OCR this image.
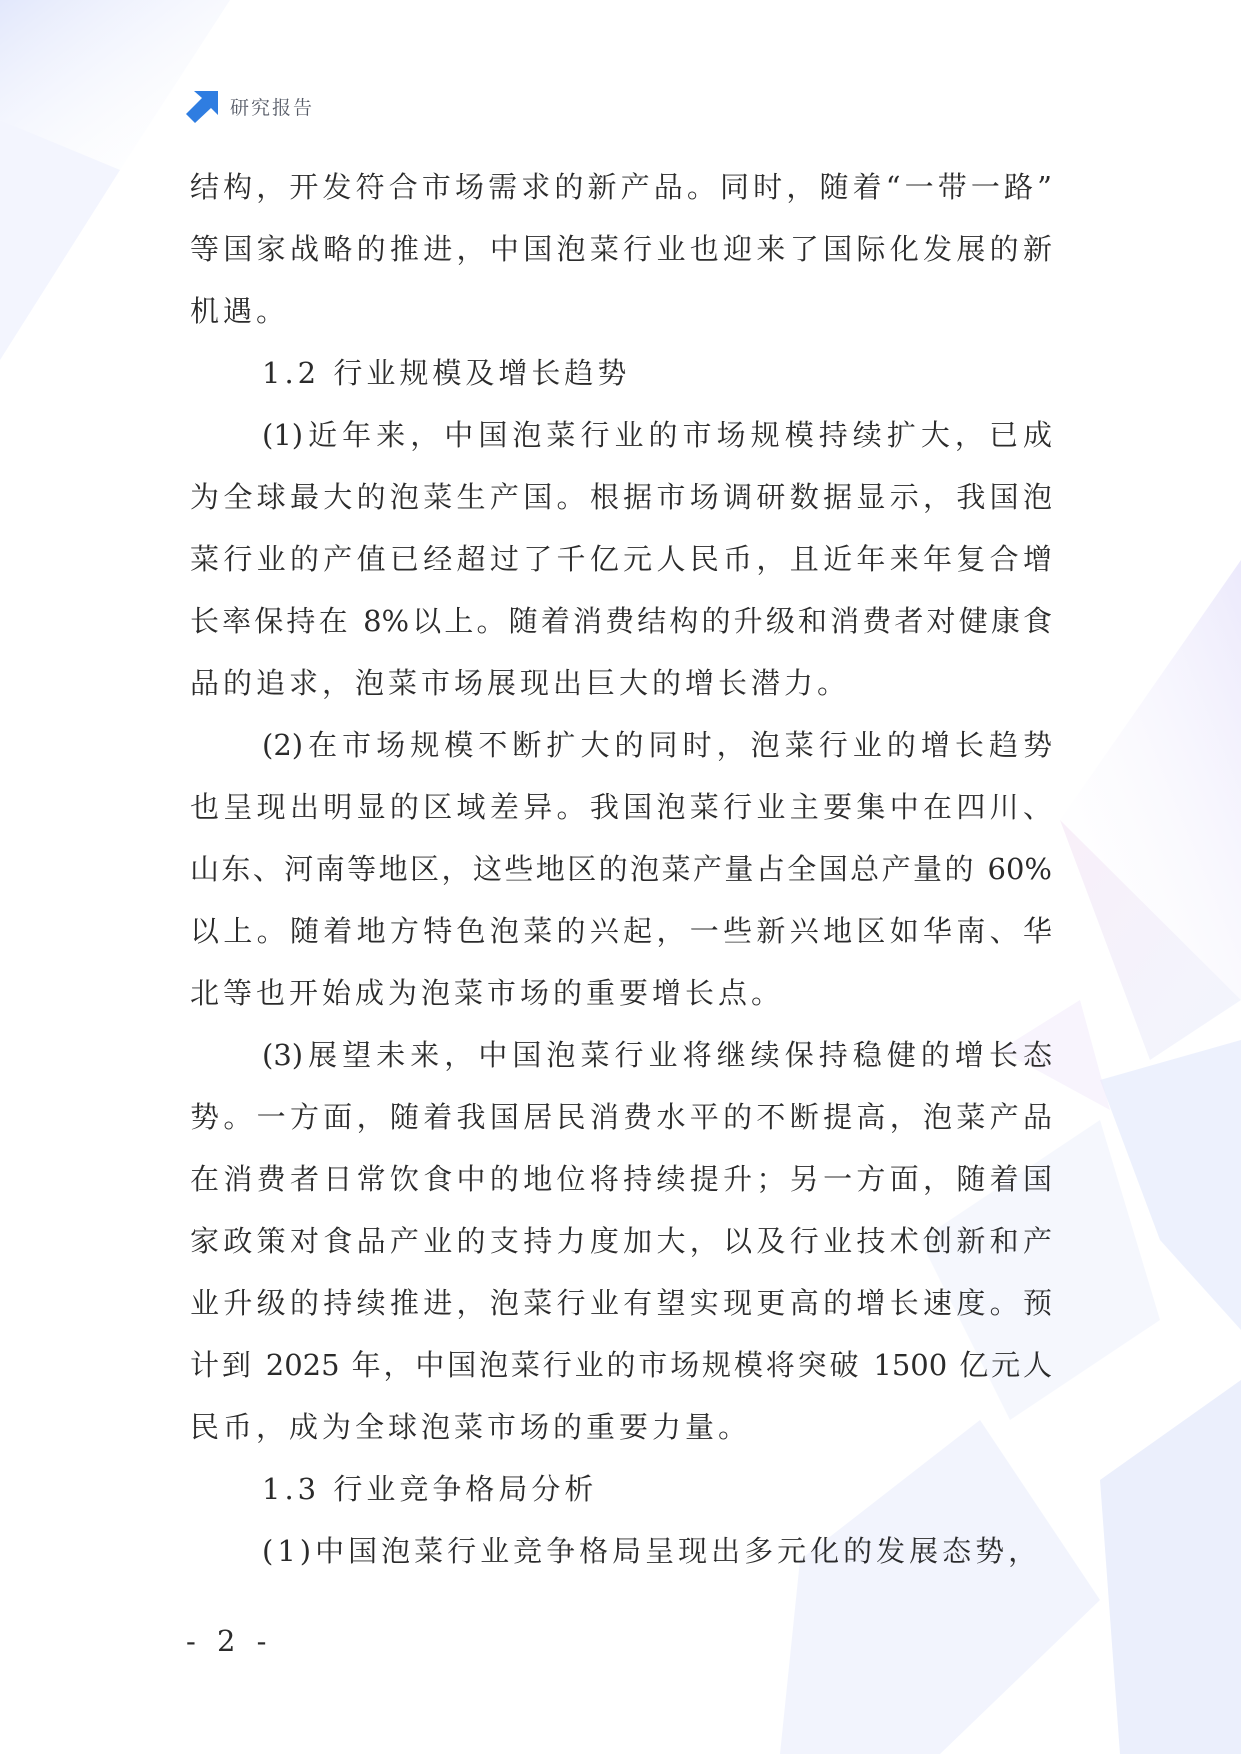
研究报告
结构，开发符合市场需求的新产品。同时，随着“一带一路”
等国家战略的推进，中国泡菜行业也迎来了国际化发展的新
机遇。
1.2 行业规模及增长趋势
(1)近年来，中国泡菜行业的市场规模持续扩大，已成
为全球最大的泡菜生产国。根据市场调研数据显示，我国泡
菜行业的产值已经超过了千亿元人民币，且近年来年复合增
长率保持在 8%以上。随着消费结构的升级和消费者对健康食
品的追求，泡菜市场展现出巨大的增长潜力。
(2)在市场规模不断扩大的同时，泡菜行业的增长趋势
也呈现出明显的区域差异。我国泡菜行业主要集中在四川、
山东、河南等地区，这些地区的泡菜产量占全国总产量的 60%
以上。随着地方特色泡菜的兴起，一些新兴地区如华南、华
北等也开始成为泡菜市场的重要增长点。
(3)展望未来，中国泡菜行业将继续保持稳健的增长态
势。一方面，随着我国居民消费水平的不断提高，泡菜产品
在消费者日常饮食中的地位将持续提升；另一方面，随着国
家政策对食品产业的支持力度加大，以及行业技术创新和产
业升级的持续推进，泡菜行业有望实现更高的增长速度。预
计到 2025 年，中国泡菜行业的市场规模将突破 1500 亿元人
民币，成为全球泡菜市场的重要力量。
1.3 行业竞争格局分析
(1)中国泡菜行业竞争格局呈现出多元化的发展态势，
- 2 -
